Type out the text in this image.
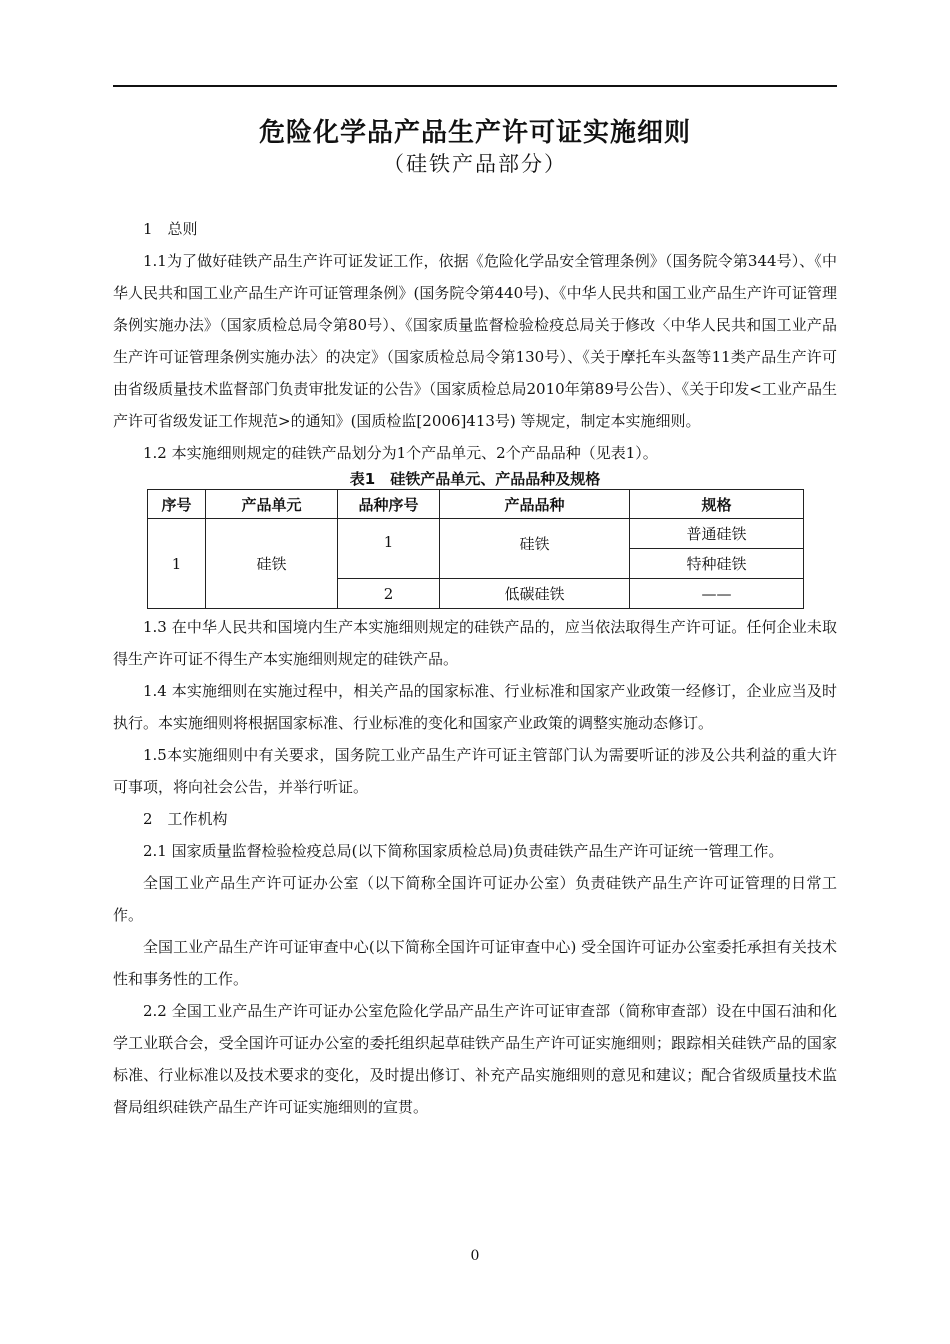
危险化学品产品生产许可证实施细则
（硅铁产品部分）

1　总则

1.1为了做好硅铁产品生产许可证发证工作，依据《危险化学品安全管理条例》（国务院令第344号）、《中华人民共和国工业产品生产许可证管理条例》(国务院令第440号)、《中华人民共和国工业产品生产许可证管理条例实施办法》（国家质检总局令第80号）、《国家质量监督检验检疫总局关于修改〈中华人民共和国工业产品生产许可证管理条例实施办法〉的决定》（国家质检总局令第130号）、《关于摩托车头盔等11类产品生产许可由省级质量技术监督部门负责审批发证的公告》（国家质检总局2010年第89号公告）、《关于印发<工业产品生产许可省级发证工作规范>的通知》(国质检监[2006]413号) 等规定，制定本实施细则。

1.2 本实施细则规定的硅铁产品划分为1个产品单元、2个产品品种（见表1）。

表1　硅铁产品单元、产品品种及规格
序号	产品单元	品种序号	产品品种	规格
1	硅铁	1	硅铁	普通硅铁
				特种硅铁
		2	低碳硅铁	——

1.3 在中华人民共和国境内生产本实施细则规定的硅铁产品的，应当依法取得生产许可证。任何企业未取得生产许可证不得生产本实施细则规定的硅铁产品。

1.4 本实施细则在实施过程中，相关产品的国家标准、行业标准和国家产业政策一经修订，企业应当及时执行。本实施细则将根据国家标准、行业标准的变化和国家产业政策的调整实施动态修订。

1.5本实施细则中有关要求，国务院工业产品生产许可证主管部门认为需要听证的涉及公共利益的重大许可事项，将向社会公告，并举行听证。

2　工作机构

2.1 国家质量监督检验检疫总局(以下简称国家质检总局)负责硅铁产品生产许可证统一管理工作。

全国工业产品生产许可证办公室（以下简称全国许可证办公室）负责硅铁产品生产许可证管理的日常工作。

全国工业产品生产许可证审查中心(以下简称全国许可证审查中心) 受全国许可证办公室委托承担有关技术性和事务性的工作。

2.2 全国工业产品生产许可证办公室危险化学品产品生产许可证审查部（简称审查部）设在中国石油和化学工业联合会，受全国许可证办公室的委托组织起草硅铁产品生产许可证实施细则；跟踪相关硅铁产品的国家标准、行业标准以及技术要求的变化，及时提出修订、补充产品实施细则的意见和建议；配合省级质量技术监督局组织硅铁产品生产许可证实施细则的宣贯。

0
